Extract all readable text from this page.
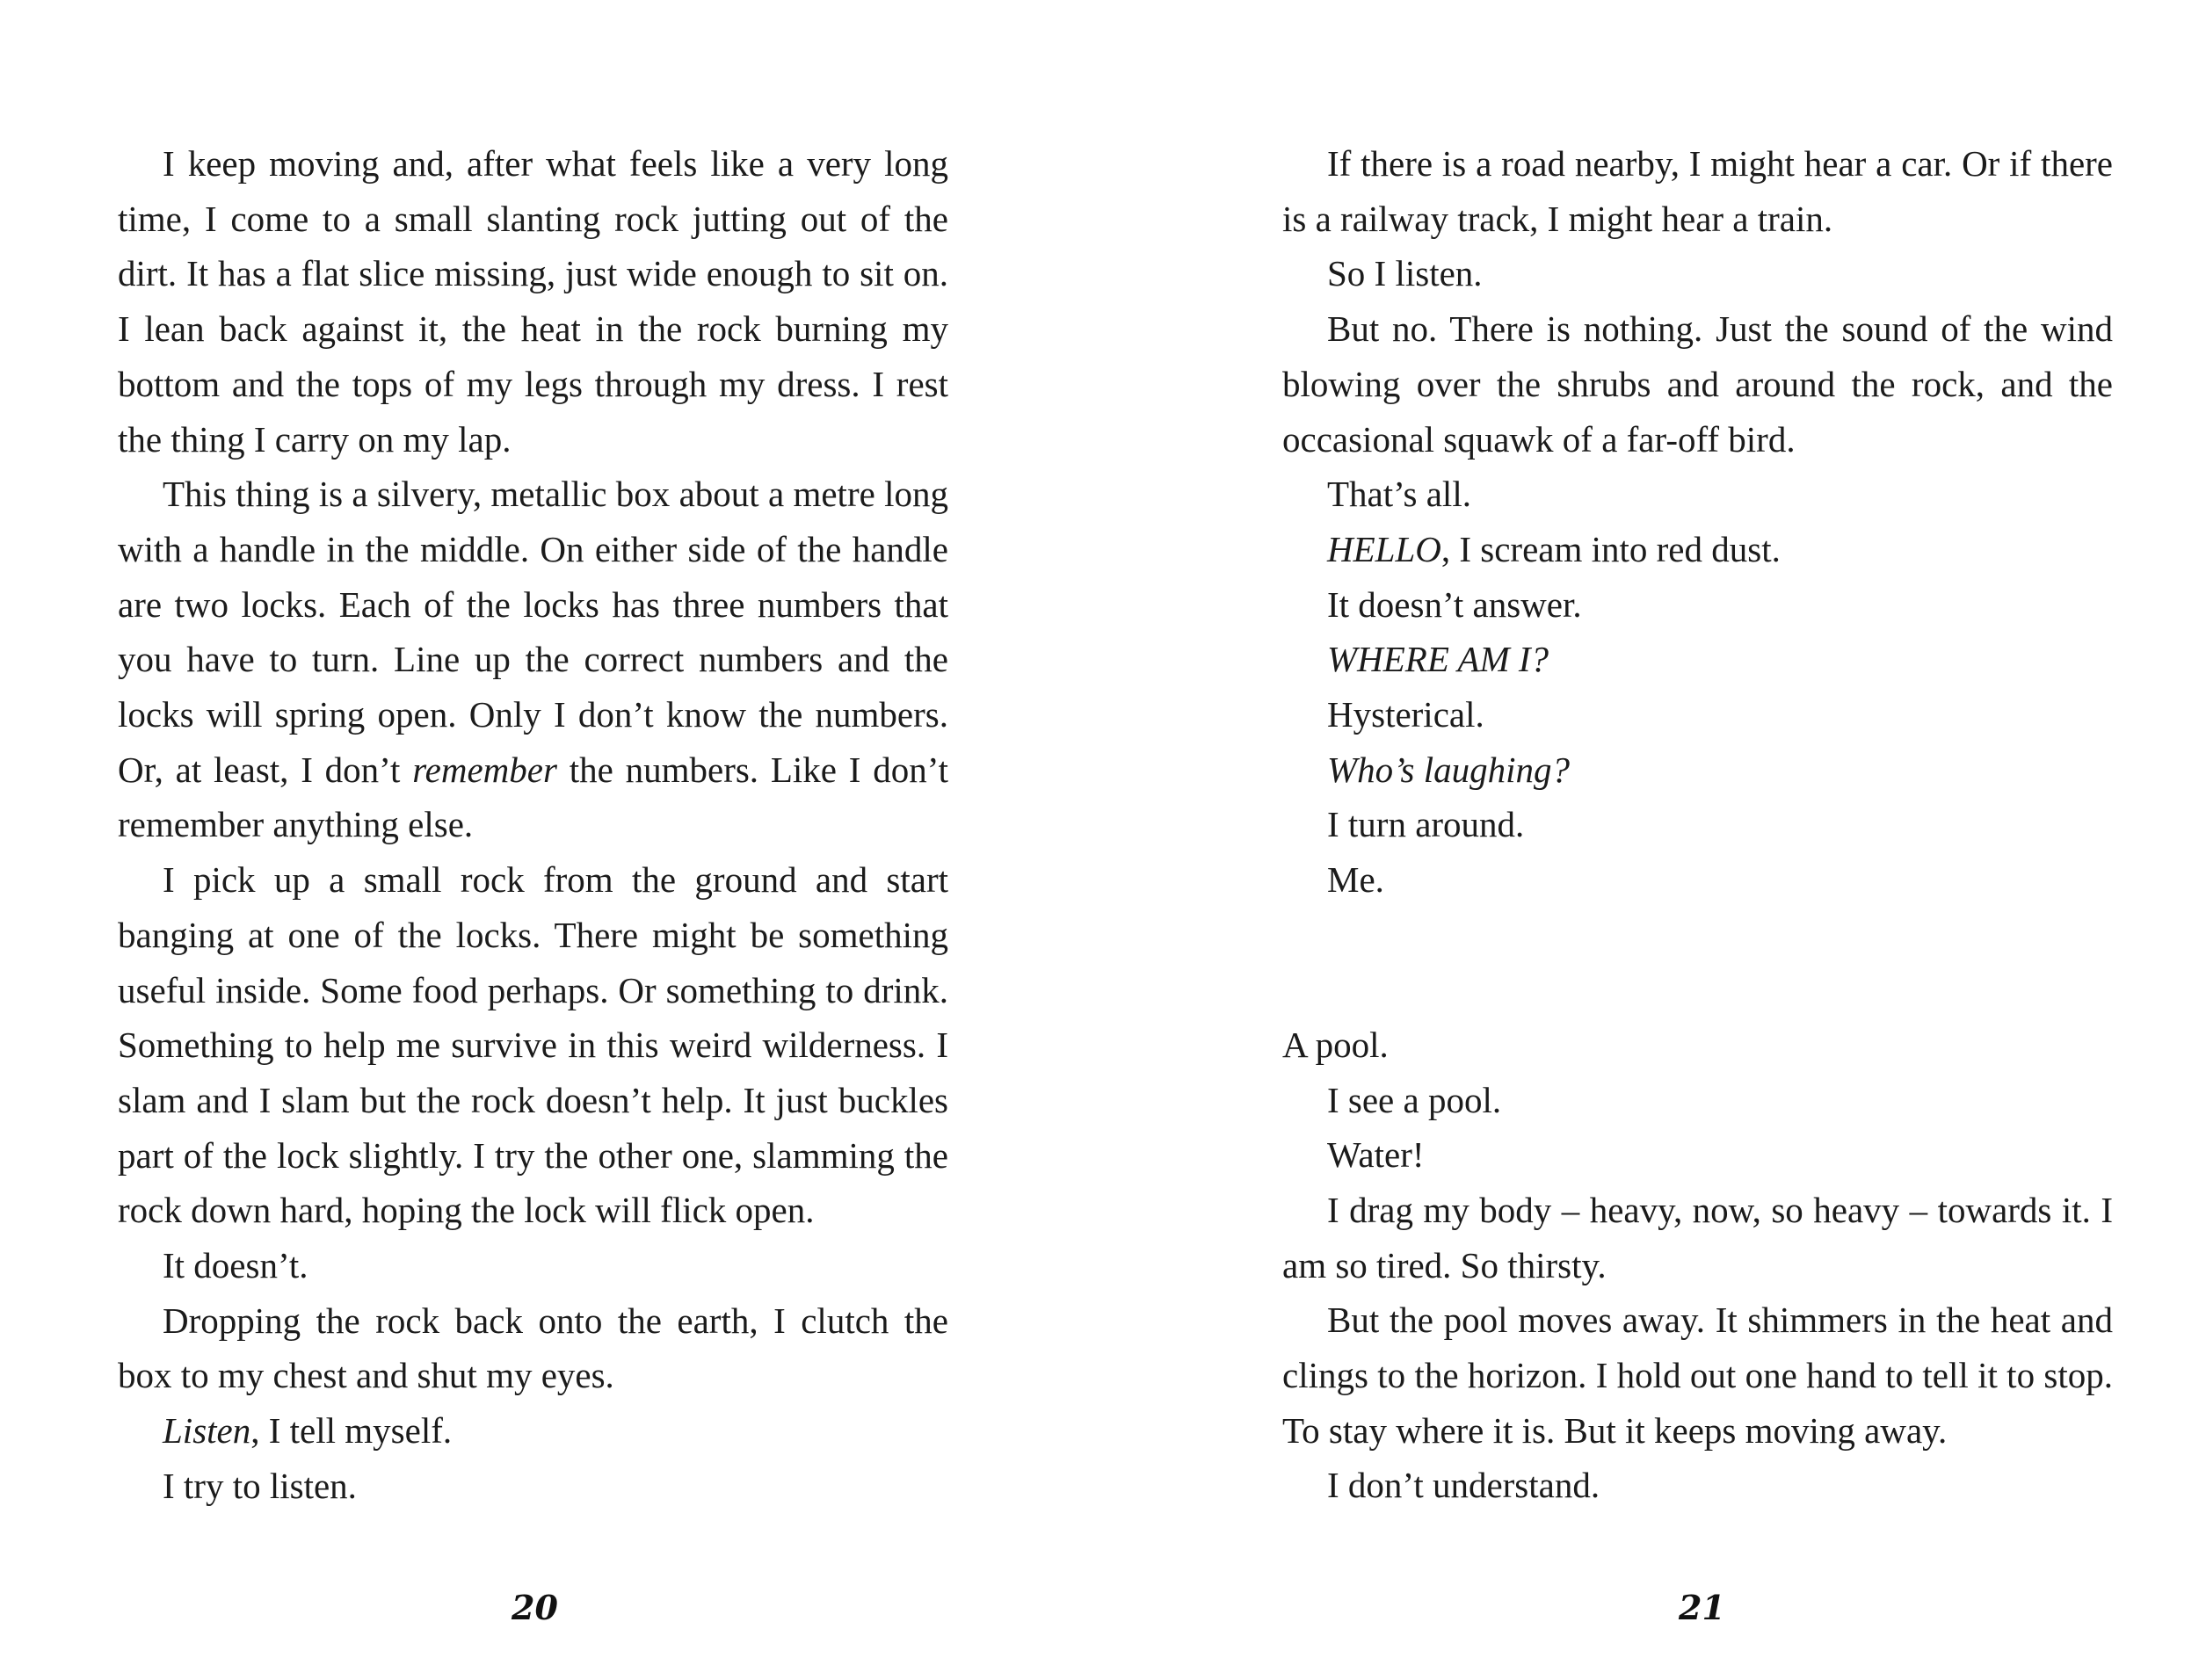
I keep moving and, after what feels like a very long time, I come to a small slanting rock jutting out of the dirt. It has a flat slice missing, just wide enough to sit on. I lean back against it, the heat in the rock burning my bottom and the tops of my legs through my dress. I rest the thing I carry on my lap.

This thing is a silvery, metallic box about a metre long with a handle in the middle. On either side of the handle are two locks. Each of the locks has three numbers that you have to turn. Line up the correct numbers and the locks will spring open. Only I don’t know the numbers. Or, at least, I don’t remember the numbers. Like I don’t remember anything else.

I pick up a small rock from the ground and start banging at one of the locks. There might be something useful inside. Some food perhaps. Or something to drink. Something to help me survive in this weird wilderness. I slam and I slam but the rock doesn’t help. It just buckles part of the lock slightly. I try the other one, slamming the rock down hard, hoping the lock will flick open.

It doesn’t.

Dropping the rock back onto the earth, I clutch the box to my chest and shut my eyes.

Listen, I tell myself.

I try to listen.

20

If there is a road nearby, I might hear a car. Or if there is a railway track, I might hear a train.

So I listen.

But no. There is nothing. Just the sound of the wind blowing over the shrubs and around the rock, and the occasional squawk of a far-off bird.

That’s all.

HELLO, I scream into red dust.

It doesn’t answer.

WHERE AM I?

Hysterical.

Who’s laughing?

I turn around.

Me.

A pool.

I see a pool.

Water!

I drag my body – heavy, now, so heavy – towards it. I am so tired. So thirsty.

But the pool moves away. It shimmers in the heat and clings to the horizon. I hold out one hand to tell it to stop. To stay where it is. But it keeps moving away.

I don’t understand.

21
